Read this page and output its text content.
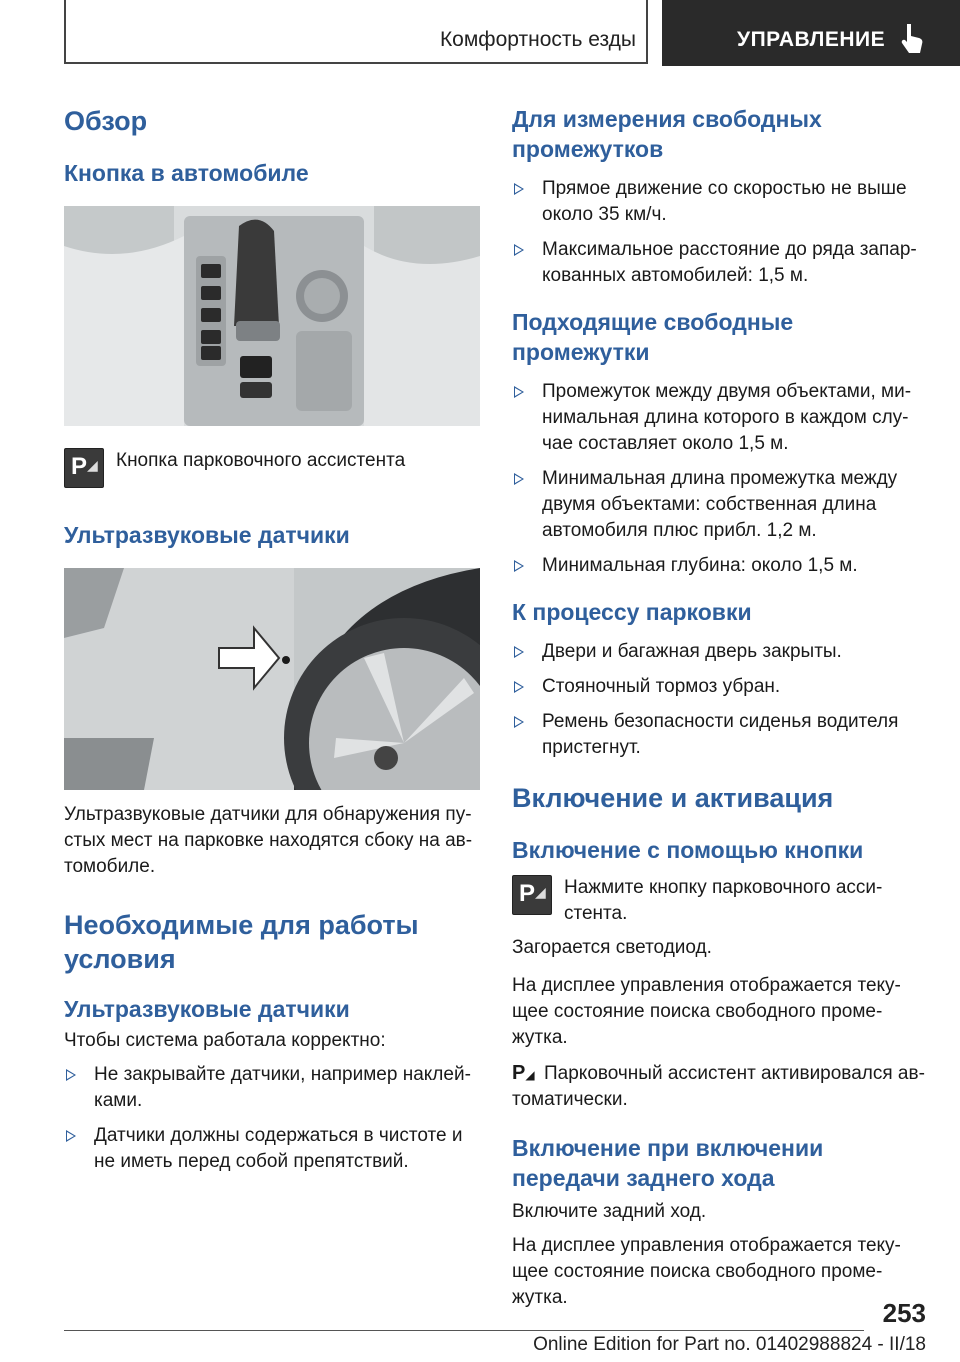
Комфортность езды	УПРАВЛЕНИЕ
Обзор
Кнопка в автомобиле
P ◢ Кнопка парковочного ассистента
Ультразвуковые датчики

Ультразвуковые датчики для обнаружения пу-стых мест на парковке находятся сбоку на ав-томобиле.

Необходимые для работы условия
Ультразвуковые датчики

Чтобы система работала корректно:

Не закрывайте датчики, например наклей-ками.
Датчики должны содержаться в чистоте и не иметь перед собой препятствий.
Для измерения свободных промежутков
Прямое движение со скоростью не выше около 35 км/ч.
Максимальное расстояние до ряда запар-кованных автомобилей: 1,5 м.
Подходящие свободные промежутки
Промежуток между двумя объектами, ми-нимальная длина которого в каждом слу-чае составляет около 1,5 м.
Минимальная длина промежутка между двумя объектами: собственная длина автомобиля плюс прибл. 1,2 м.
Минимальная глубина: около 1,5 м.
К процессу парковки
Двери и багажная дверь закрыты.
Стояночный тормоз убран.
Ремень безопасности сиденья водителя пристегнут.
Включение и активация
Включение с помощью кнопки
P ◢ Нажмите кнопку парковочного асси-стента.

Загорается светодиод.

На дисплее управления отображается теку-щее состояние поиска свободного проме-жутка.

P◢ Парковочный ассистент активировался ав-томатически.

Включение при включении передачи заднего хода

Включите задний ход.

На дисплее управления отображается теку-щее состояние поиска свободного проме-жутка.

253
Online Edition for Part no. 01402988824 - II/18
